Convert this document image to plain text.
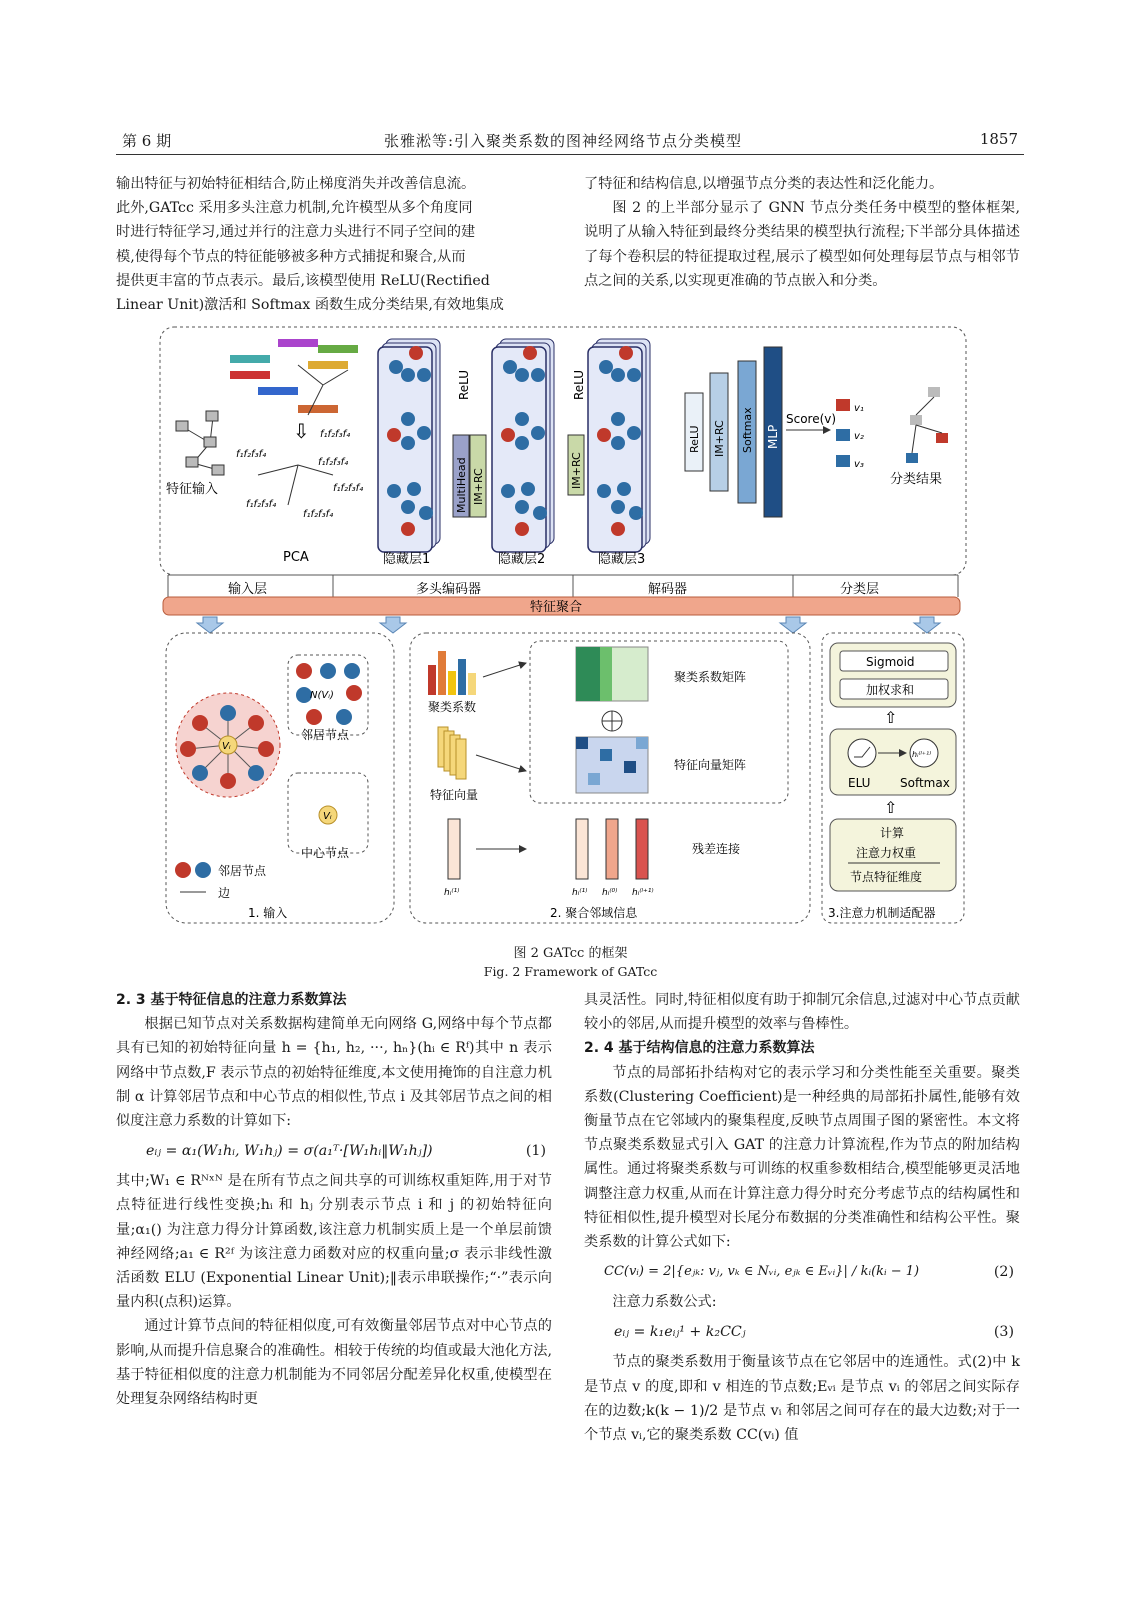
第 6 期	张雅淞等:引入聚类系数的图神经网络节点分类模型	1857

输出特征与初始特征相结合,防止梯度消失并改善信息流。

此外,GATcc 采用多头注意力机制,允许模型从多个角度同

时进行特征学习,通过并行的注意力头进行不同子空间的建

模,使得每个节点的特征能够被多种方式捕捉和聚合,从而

提供更丰富的节点表示。最后,该模型使用 ReLU(Rectified

Linear Unit)激活和 Softmax 函数生成分类结果,有效地集成

了特征和结构信息,以增强节点分类的表达性和泛化能力。

图 2 的上半部分显示了 GNN 节点分类任务中模型的整体框架,说明了从输入特征到最终分类结果的模型执行流程;下半部分具体描述了每个卷积层的特征提取过程,展示了模型如何处理每层节点与相邻节点之间的关系,以实现更准确的节点嵌入和分类。

特征输入
⇩
f₁f₂f₃f₄
f₁f₂f₃f₄
f₁f₂f₃f₄
f₁f₂f₃f₄
f₁f₂f₃f₄
f₁f₂f₃f₄
PCA	隐藏层1
ReLU
MultiHead IM+RC
隐藏层2
ReLU
IM+RC
隐藏层3
ReLU IM+RC Softmax MLP
Score(v)
v₁
v₂
v₃
分类结果
输入层	多头编码器	解码器	分类层
特征聚合
Vᵢ
N(Vᵢ)
邻居节点
Vᵢ
中心节点
邻居节点
边
1. 输入
聚类系数
特征向量
聚类系数矩阵
特征向量矩阵
hᵢ⁽¹⁾	hᵢ⁽¹⁾ hᵢ⁽⁰⁾ hᵢ⁽ˡ⁺¹⁾
残差连接
2. 聚合邻域信息
Sigmoid
加权求和
⇧
hᵢ⁽ˡ⁺¹⁾
ELU Softmax
⇧
计算
注意力权重
节点特征维度
3.注意力机制适配器
图 2 GATcc 的框架
Fig. 2 Framework of GATcc

2. 3 基于特征信息的注意力系数算法

根据已知节点对关系数据构建简单无向网络 G,网络中每个节点都具有已知的初始特征向量 h = {h₁, h₂, ···, hₙ}(hᵢ ∈ Rᶠ)其中 n 表示网络中节点数,F 表示节点的初始特征维度,本文使用掩饰的自注意力机制 α 计算邻居节点和中心节点的相似性,节点 i 及其邻居节点之间的相似度注意力系数的计算如下:

eᵢⱼ = α₁(W₁hᵢ, W₁hⱼ) = σ(a₁ᵀ·[W₁hᵢ‖W₁hⱼ])	(1)

其中;W₁ ∈ Rᴺˣᴺ 是在所有节点之间共享的可训练权重矩阵,用于对节点特征进行线性变换;hᵢ 和 hⱼ 分别表示节点 i 和 j 的初始特征向量;α₁() 为注意力得分计算函数,该注意力机制实质上是一个单层前馈神经网络;a₁ ∈ R²ᶠ 为该注意力函数对应的权重向量;σ 表示非线性激活函数 ELU (Exponential Linear Unit);‖表示串联操作;“·”表示向量内积(点积)运算。

通过计算节点间的特征相似度,可有效衡量邻居节点对中心节点的影响,从而提升信息聚合的准确性。相较于传统的均值或最大池化方法,基于特征相似度的注意力机制能为不同邻居分配差异化权重,使模型在处理复杂网络结构时更

具灵活性。同时,特征相似度有助于抑制冗余信息,过滤对中心节点贡献较小的邻居,从而提升模型的效率与鲁棒性。

2. 4 基于结构信息的注意力系数算法

节点的局部拓扑结构对它的表示学习和分类性能至关重要。聚类系数(Clustering Coefficient)是一种经典的局部拓扑属性,能够有效衡量节点在它邻域内的聚集程度,反映节点周围子图的紧密性。本文将节点聚类系数显式引入 GAT 的注意力计算流程,作为节点的附加结构属性。通过将聚类系数与可训练的权重参数相结合,模型能够更灵活地调整注意力权重,从而在计算注意力得分时充分考虑节点的结构属性和特征相似性,提升模型对长尾分布数据的分类准确性和结构公平性。聚类系数的计算公式如下:

CC(vᵢ) = 2|{eⱼₖ: vⱼ, vₖ ∈ Nᵥᵢ, eⱼₖ ∈ Eᵥᵢ}| / kᵢ(kᵢ − 1)	(2)

注意力系数公式:

eᵢⱼ = k₁eᵢⱼ¹ + k₂CCⱼ	(3)

节点的聚类系数用于衡量该节点在它邻居中的连通性。式(2)中 k 是节点 v 的度,即和 v 相连的节点数;Eᵥᵢ 是节点 vᵢ 的邻居之间实际存在的边数;k(k − 1)/2 是节点 vᵢ 和邻居之间可存在的最大边数;对于一个节点 vᵢ,它的聚类系数 CC(vᵢ) 值
